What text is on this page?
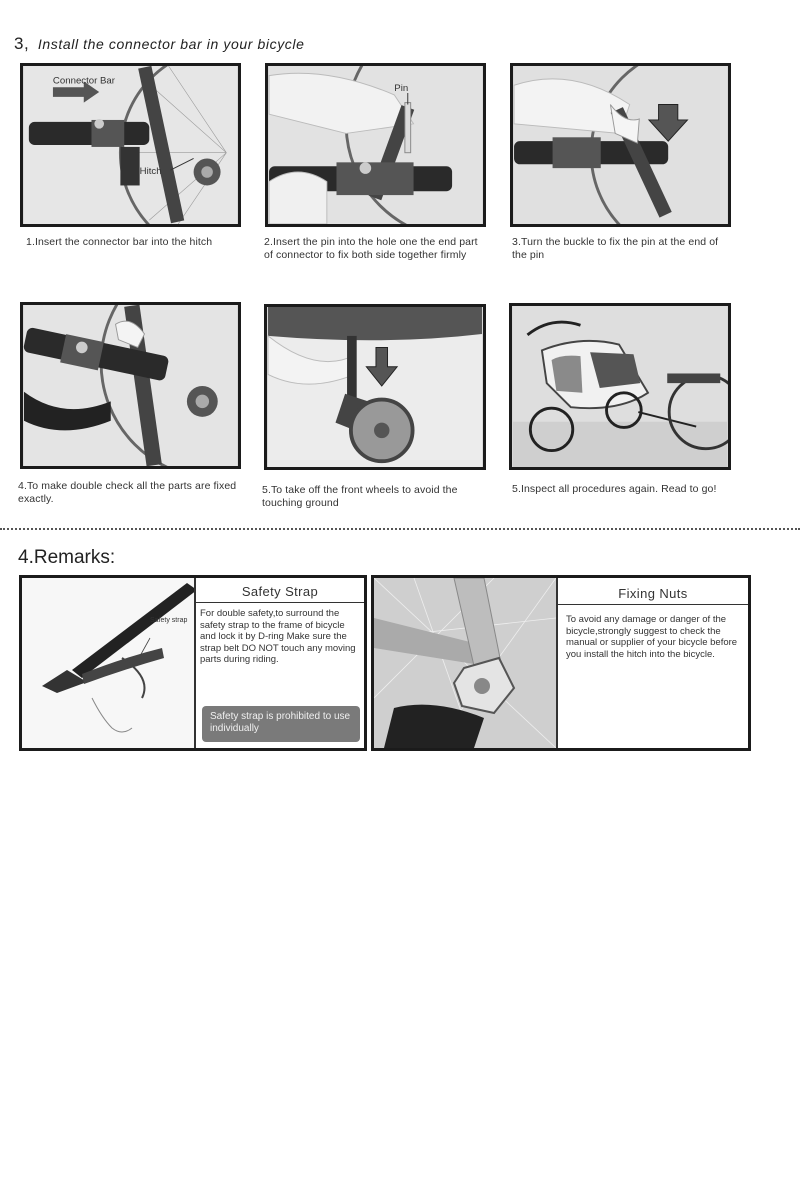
3, Install the connector bar in your bicycle
Connector Bar
Hitch
1.Insert the connector bar into the hitch
Pin
2.Insert the pin into the hole one the end part of connector to fix both side together firmly
3.Turn the buckle to fix the pin at the end of the pin
4.To make double check all the parts are fixed exactly.
5.To take off the front wheels to avoid the touching ground
5.Inspect all procedures again. Read to go!
4.Remarks:
Safety strap
Safety Strap
For double safety,to surround the safety strap to the frame of bicycle and lock it by D-ring Make sure the strap belt DO NOT touch any moving parts during riding.
Safety strap is prohibited to use individually
Fixing Nuts
To avoid any damage or danger of the bicycle,strongly suggest to check the manual or supplier of your bicycle before you install the hitch into the bicycle.
